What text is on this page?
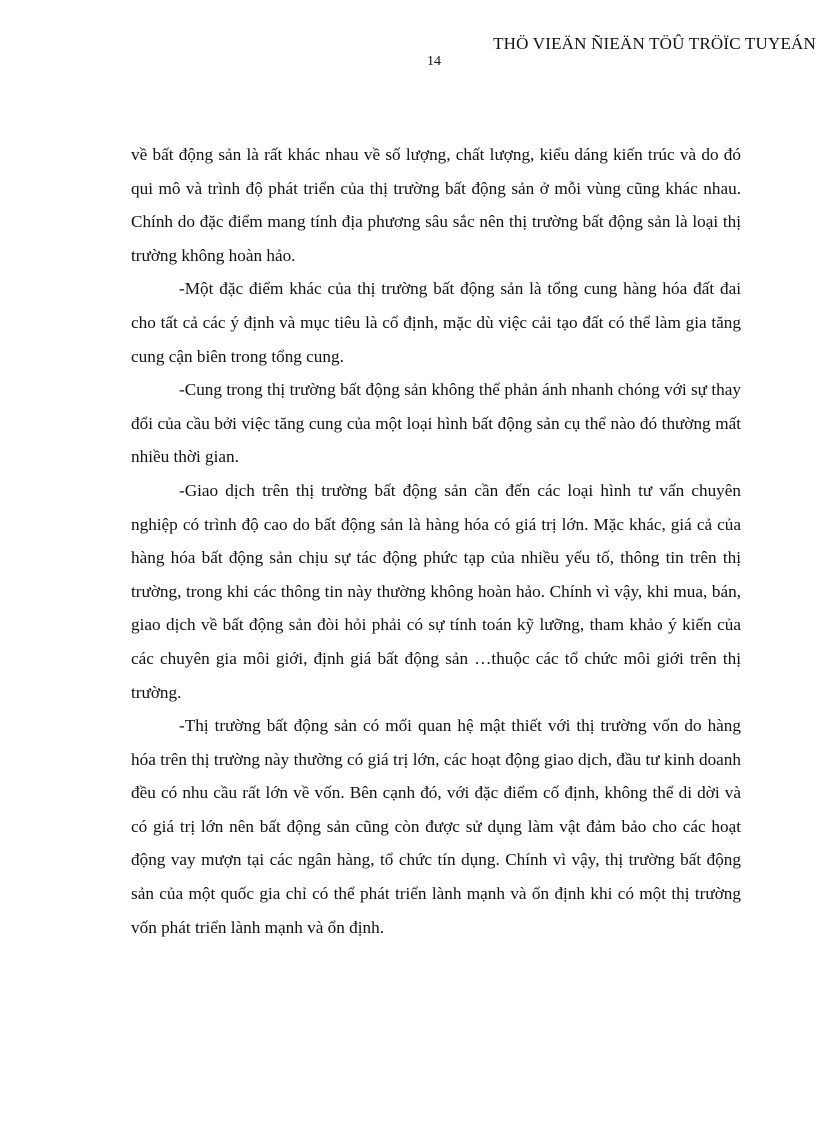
THÖ VIEÄN ÑIEÄN TÖÛ TRÖÏC TUYEÁN
14

về bất động sản là rất khác nhau về số lượng, chất lượng, kiểu dáng kiến trúc và do đó qui mô và trình độ phát triển của thị trường bất động sản ở mỗi vùng cũng khác nhau. Chính do đặc điểm mang tính địa phương sâu sắc nên thị trường bất động sản là loại thị trường không hoàn hảo.

-Một đặc điểm khác của thị trường bất động sản là tổng cung hàng hóa đất đai cho tất cả các ý định và mục tiêu là cố định, mặc dù việc cải tạo đất có thể làm gia tăng cung cận biên trong tổng cung.

-Cung trong thị trường bất động sản không thể phản ánh nhanh chóng với sự thay đổi của cầu bởi việc tăng cung của một loại hình bất động sản cụ thể nào đó thường mất nhiều thời gian.

-Giao dịch trên thị trường bất động sản cần đến các loại hình tư vấn chuyên nghiệp có trình độ cao do bất động sản là hàng hóa có giá trị lớn. Mặc khác, giá cả của hàng hóa bất động sản chịu sự tác động phức tạp của nhiều yếu tố, thông tin trên thị trường, trong khi các thông tin này thường không hoàn hảo. Chính vì vậy, khi mua, bán, giao dịch về bất động sản đòi hỏi phải có sự tính toán kỹ lưỡng, tham khảo ý kiến của các chuyên gia môi giới, định giá bất động sản …thuộc các tổ chức môi giới trên thị trường.

-Thị trường bất động sản có mối quan hệ mật thiết với thị trường vốn do hàng hóa trên thị trường này thường có giá trị lớn, các hoạt động giao dịch, đầu tư kinh doanh đều có nhu cầu rất lớn về vốn. Bên cạnh đó, với đặc điểm cố định, không thể di dời và có giá trị lớn nên bất động sản cũng còn được sử dụng làm vật đảm bảo cho các hoạt động vay mượn tại các ngân hàng, tổ chức tín dụng. Chính vì vậy, thị trường bất động sản của một quốc gia chỉ có thể phát triển lành mạnh và ổn định khi có một thị trường vốn phát triển lành mạnh và ổn định.
